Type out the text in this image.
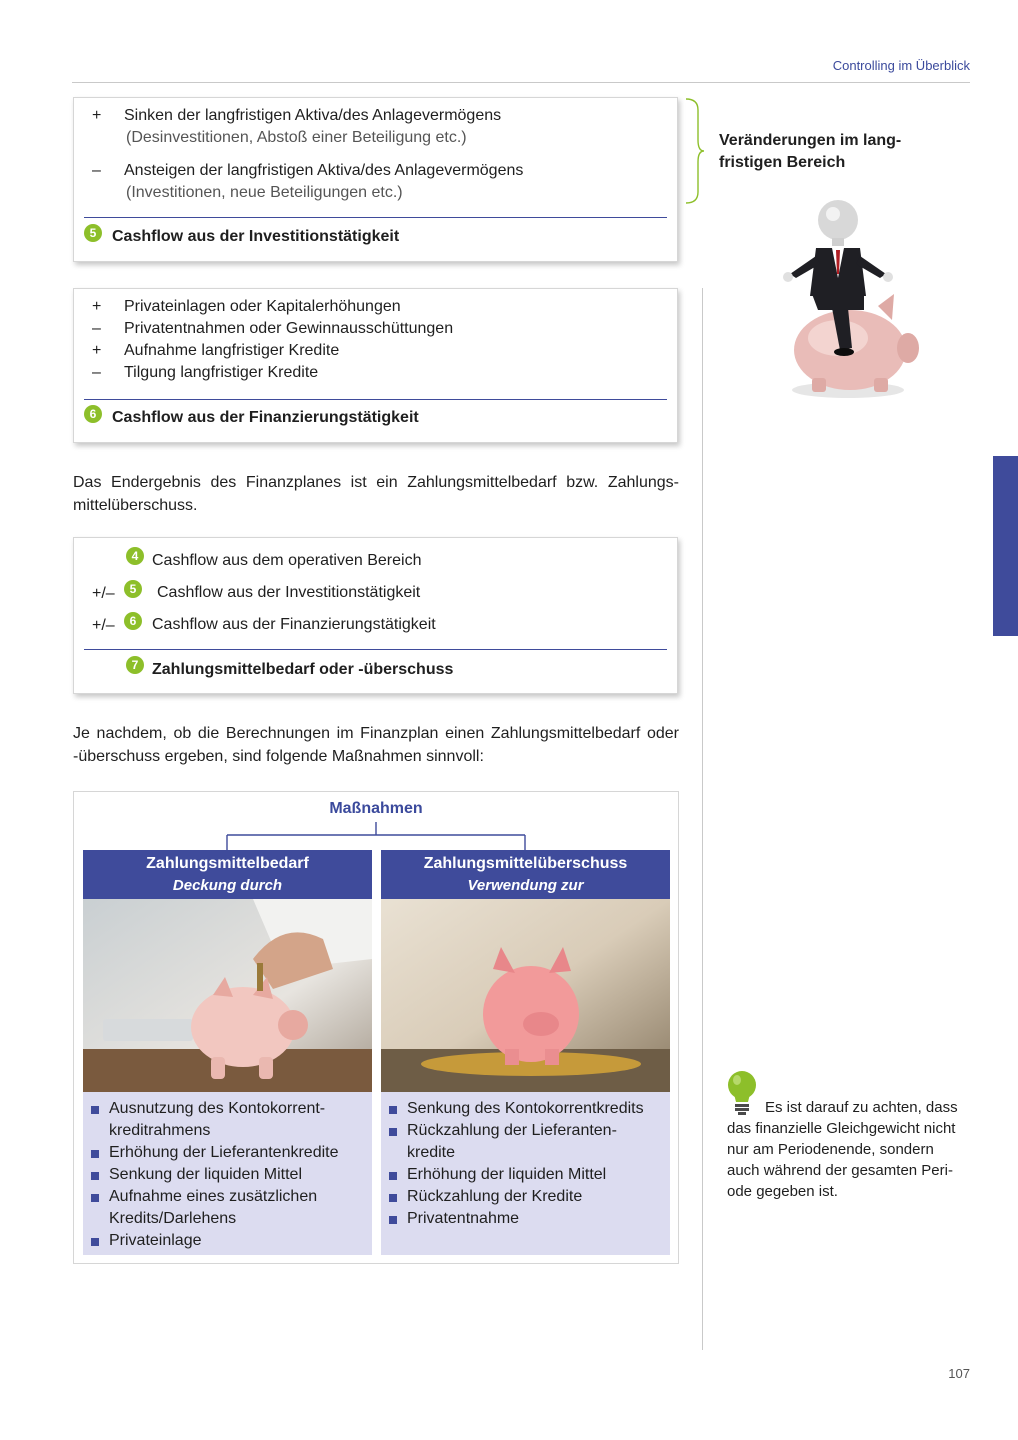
Controlling im Überblick
+	Sinken der langfristigen Aktiva/des Anlagevermögens
(Desinvestitionen, Abstoß einer Beteiligung etc.)
–	Ansteigen der langfristigen Aktiva/des Anlagevermögens
(Investitionen, neue Beteiligungen etc.)
5 Cashflow aus der Investitionstätigkeit
Veränderungen im lang-
fristigen Bereich
+	Privateinlagen oder Kapitalerhöhungen
–	Privatentnahmen oder Gewinnausschüttungen
+	Aufnahme langfristiger Kredite
–	Tilgung langfristiger Kredite
6 Cashflow aus der Finanzierungstätigkeit
Das Endergebnis des Finanzplanes ist ein Zahlungsmittelbedarf bzw. Zahlungs-
mittelüberschuss.
4 Cashflow aus dem operativen Bereich
+/–	5	Cashflow aus der Investitionstätigkeit
+/–	6 Cashflow aus der Finanzierungstätigkeit
7 Zahlungsmittelbedarf oder -überschuss
Je nachdem, ob die Berechnungen im Finanzplan einen Zahlungsmittelbedarf oder
-überschuss ergeben, sind folgende Maßnahmen sinnvoll:
Maßnahmen
Zahlungsmittelbedarf
Deckung durch
Ausnutzung des Kontokorrent-
kreditrahmens
Erhöhung der Lieferantenkredite
Senkung der liquiden Mittel
Aufnahme eines zusätzlichen
Kredits/Darlehens
Privateinlage
Zahlungsmittelüberschuss
Verwendung zur
Senkung des Kontokorrentkredits
Rückzahlung der Lieferanten-
kredite
Erhöhung der liquiden Mittel
Rückzahlung der Kredite
Privatentnahme
Es ist darauf zu achten, dass
das finanzielle Gleichgewicht nicht
nur am Periodenende, sondern
auch während der gesamten Peri-
ode gegeben ist.
107
